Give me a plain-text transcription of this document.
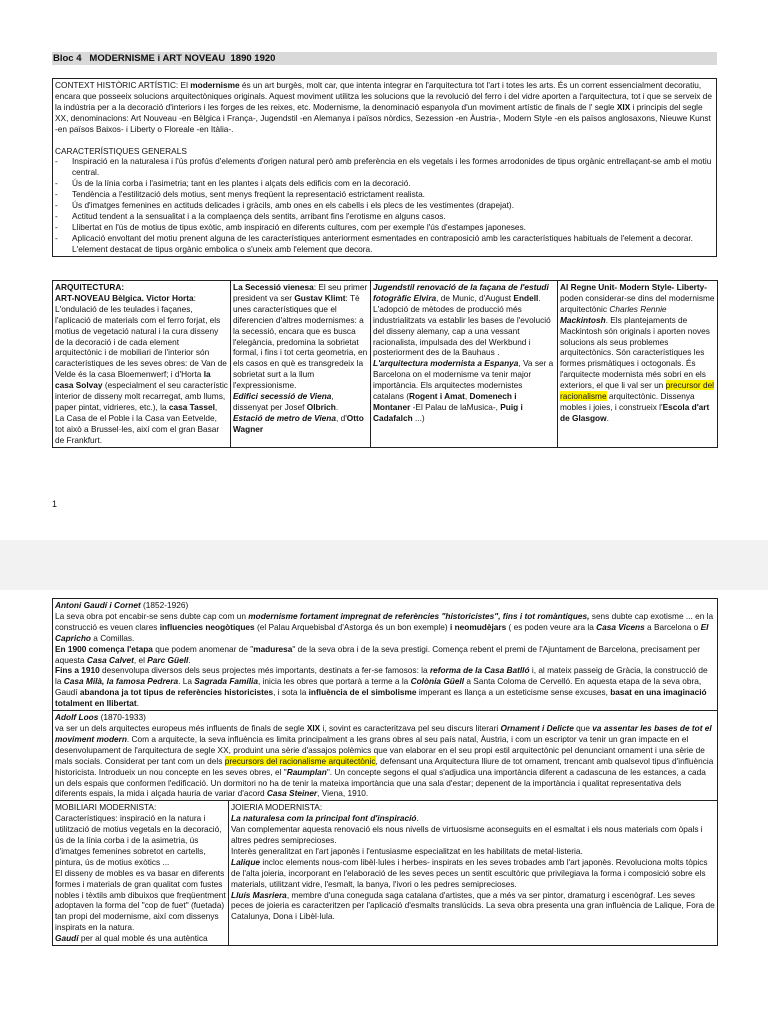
Bloc 4   MODERNISME i ART NOVEAU  1890 1920

CONTEXT HISTÒRIC ARTÍSTIC: El modernisme és un art burgès, molt car, que intenta integrar en l'arquitectura tot l'art i totes les arts. És un corrent essencialment decoratiu, encara que posseeix solucions arquitectòniques originals. Aquest moviment utilitza les solucions que la revolució del ferro i del vidre aporten a l'arquitectura, tot i que se serveix de la indústria per a la decoració d'interiors i les forges de les reixes, etc. Modernisme, la denominació espanyola d'un moviment artístic de finals de l' segle XIX i principis del segle XX, denominacions: Art Nouveau -en Bèlgica i França-, Jugendstil -en Alemanya i països nòrdics, Sezession -en Àustria-, Modern Style -en els països anglosaxons, Nieuwe Kunst -en països Baixos- i Liberty o Floreale -en Itàlia-.

CARACTERÍSTIQUES GENERALS

- Inspiració en la naturalesa i l'ús profús d'elements d'origen natural però amb preferència en els vegetals i les formes arrodonides de tipus orgànic entrellaçant-se amb el motiu central.
- Ús de la línia corba i l'asimetria; tant en les plantes i alçats dels edificis com en la decoració.
- Tendència a l'estilització dels motius, sent menys freqüent la representació estrictament realista.
- Ús d'imatges femenines en actituds delicades i gràcils, amb ones en els cabells i els plecs de les vestimentes (drapejat).
- Actitud tendent a la sensualitat i a la complaença dels sentits, arribant fins l'erotisme en alguns casos.
- Llibertat en l'ús de motius de tipus exòtic, amb inspiració en diferents cultures, com per exemple l'ús d'estampes japoneses.
- Aplicació envoltant del motiu prenent alguna de les característiques anteriorment esmentades en contraposició amb les característiques habituals de l'element a decorar. L'element destacat de tipus orgànic embolica o s'uneix amb l'element que decora.
ARQUITECTURA:
ART-NOVEAU Bèlgica. Victor Horta: L'ondulació de les teulades i façanes, l'aplicació de materials com el ferro forjat, els motius de vegetació natural i la cura disseny de la decoració i de cada element arquitectònic i de mobiliari de l'interior són característiques de les seves obres: de Van de Velde és la casa Bloemenwerf; i d'Horta la casa Solvay (especialment el seu característic interior de disseny molt recarregat, amb llums, paper pintat, vidrieres, etc.), la casa Tassel, La Casa de el Poble i la Casa van Eetvelde, tot això a Brussel·les, així com el gran Basar de Frankfurt.	La Secessió vienesa: El seu primer president va ser Gustav Klimt: Tè unes característiques que el diferencien d'altres modernismes: a la secessió, encara que es busca l'elegància, predomina la sobrietat formal, i fins i tot certa geometria, en els casos en què es transgredeix la sobrietat surt a la llum l'expressionisme.
Edifici secessió de Viena, dissenyat per Josef Olbrich.
Estació de metro de Viena, d'Otto Wagner	Jugendstil renovació de la façana de l'estudi fotogràfic Elvira, de Munic, d'August Endell. L'adopció de mètodes de producció més industrialitzats va establir les bases de l'evolució del disseny alemany, cap a una vessant racionalista, impulsada des del Werkbund i posteriorment des de la Bauhaus .
L'arquitectura modernista a Espanya, Va ser a Barcelona on el modernisme va tenir major importància. Els arquitectes modernistes catalans (Rogent i Amat, Domenech i Montaner -El Palau de laMusica-, Puig i Cadafalch ...)	Al Regne Unit- Modern Style- Liberty- poden considerar-se dins del modernisme arquitectònic Charles Rennie Mackintosh. Els plantejaments de Mackintosh són originals i aporten noves solucions als seus problemes arquitectònics. Són característiques les formes prismàtiques i octogonals. És l'arquitecte modernista més sobri en els exteriors, el que li val ser un precursor del racionalisme arquitectònic. Dissenya mobles i joies, i construeix l'Escola d'art de Glasgow.
1
Antoni Gaudí i Cornet (1852-1926)
La seva obra pot encabir-se sens dubte cap com un modernisme fortament impregnat de referències "historicistes", fins i tot romàntiques, sens dubte cap exotisme ... en la construcció es veuen clares influencies neogòtiques (el Palau Arquebisbal d'Astorga és un bon exemple) i neomudèjars ( es poden veure ara la Casa Vicens a Barcelona o El Capricho a Comillas.
En 1900 comença l'etapa que podem anomenar de "maduresa" de la seva obra i de la seva prestigi. Comença rebent el premi de l'Ajuntament de Barcelona, precisament per aquesta Casa Calvet, el Parc Güell.
Fins a 1910 desenvolupa diversos dels seus projectes més importants, destinats a fer-se famosos: la reforma de la Casa Batlló i, al mateix passeig de Gràcia, la construcció de la Casa Milà, la famosa Pedrera. La Sagrada Família, inicia les obres que portarà a terme a la Colònia Güell a Santa Coloma de Cervelló. En aquesta etapa de la seva obra, Gaudí abandona ja tot tipus de referències historicistes, i sota la influència de el simbolisme imperant es llança a un esteticisme sense excuses, basat en una imaginació totalment en llibertat.
Adolf Loos (1870-1933)
va ser un dels arquitectes europeus més influents de finals de segle XIX i, sovint es caracteritzava pel seu discurs literari Ornament i Delicte que va assentar les bases de tot el moviment modern. Com a arquitecte, la seva influència es limita principalment a les grans obres al seu país natal, Àustria, i com un escriptor va tenir un gran impacte en el desenvolupament de l'arquitectura de segle XX, produint una sèrie d'assajos polèmics que van elaborar en el seu propi estil arquitectònic pel denunciant ornament i una sèrie de mals socials. Considerat per tant com un dels precursors del racionalisme arquitectònic, defensant una Arquitectura lliure de tot ornament, trencant amb qualsevol tipus d'influència historicista. Introdueix un nou concepte en les seves obres, el "Raumplan". Un concepte segons el qual s'adjudica una importància diferent a cadascuna de les estances, a cada un dels espais que conformen l'edificació. Un dormitori no ha de tenir la mateixa importància que una sala d'estar; depenent de la importància i qualitat representativa dels diferents espais, la mida i alçada hauria de variar d'acord Casa Steiner, Viena, 1910.
MOBILIARI MODERNISTA:
Característiques: inspiració en la natura i utilització de motius vegetals en la decoració, ús de la línia corba i de la asimetria, ús d'imatges femenines sobretot en cartells, pintura, ús de motius exòtics ...
El disseny de mobles es va basar en diferents formes i materials de gran qualitat com fustes nobles i tèxtils amb dibuixos que freqüentment adoptaven la forma del "cop de fuet" (fuetada) tan propi del modernisme, així com dissenys inspirats en la natura.
Gaudí per al qual moble és una autèntica	JOIERIA MODERNISTA:
La naturalesa com la principal font d'inspiració.
Van complementar aquesta renovació els nous nivells de virtuosisme aconseguits en el esmaltat i els nous materials com òpals i altres pedres semiprecioses.
Interès generalitzat en l'art japonès i l'entusiasme especialitzat en les habilitats de metal·listeria.
Lalique incloc elements nous-com libèl·lules i herbes- inspirats en les seves trobades amb l'art japonès. Revoluciona molts tòpics de l'alta joieria, incorporant en l'elaboració de les seves peces un sentit escultòric que privilegiava la forma i composició sobre els materials, utilitzant vidre, l'esmalt, la banya, l'ivori o les pedres semiprecioses.
Lluís Masriera, membre d'una coneguda saga catalana d'artistes, que a més va ser pintor, dramaturg i escenògraf. Les seves peces de joieria es caracteritzen per l'aplicació d'esmalts translúcids. La seva obra presenta una gran influència de Lalique, Fora de Catalunya, Dona i Libèl·lula.
